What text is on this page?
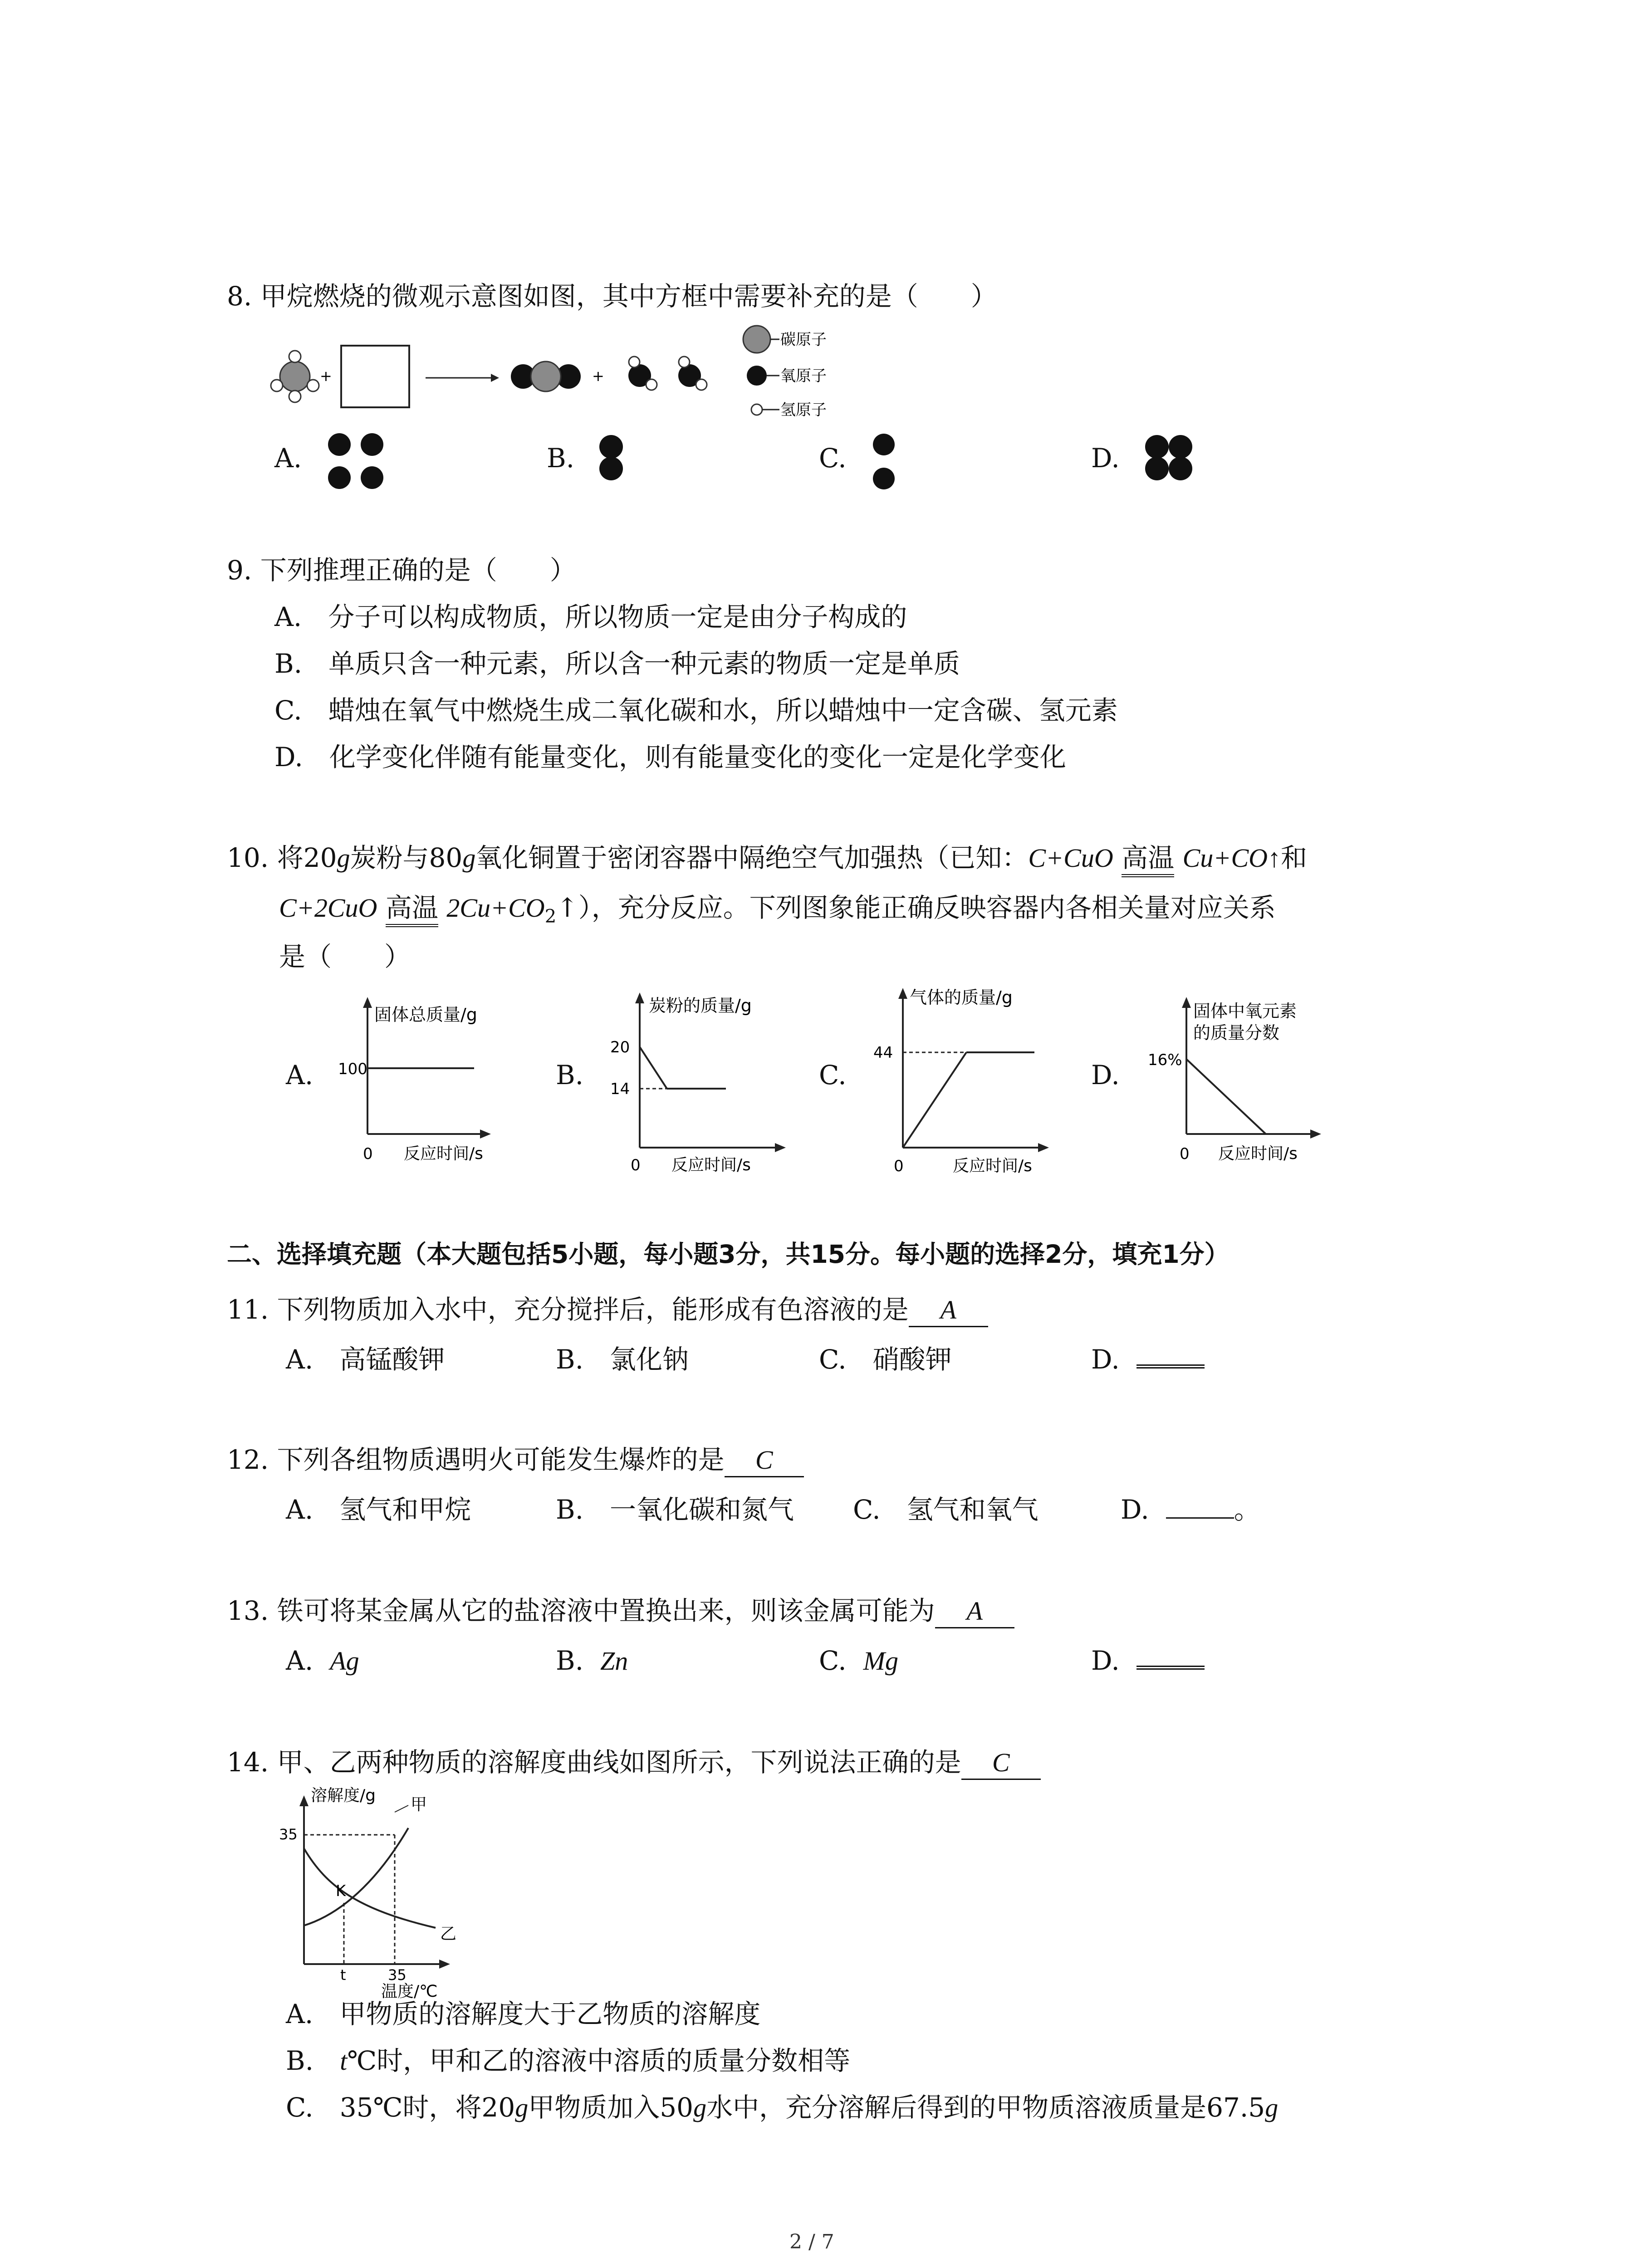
8. 甲烷燃烧的微观示意图如图，其中方框中需要补充的是（　　）
+	+
碳原子
氧原子
氢原子
A.	B.	C.	D.
9. 下列推理正确的是（　　）
A.　分子可以构成物质，所以物质一定是由分子构成的
B.　单质只含一种元素，所以含一种元素的物质一定是单质
C.　蜡烛在氧气中燃烧生成二氧化碳和水，所以蜡烛中一定含碳、氢元素
D.　化学变化伴随有能量变化，则有能量变化的变化一定是化学变化
10. 将20g炭粉与80g氧化铜置于密闭容器中隔绝空气加强热（已知：C+CuO 高温 Cu+CO↑和
C+2CuO 高温 $2Cu+CO_2↑$），充分反应。下列图象能正确反映容器内各相关量对应关系
是（　　）
A.
固体总质量/g
100
0 反应时间/s
B.
炭粉的质量/g
20
14
0 反应时间/s
C.
气体的质量/g
44
0	反应时间/s
D.
固体中氧元素
的质量分数
16%
0 反应时间/s
二、选择填充题（本大题包括5小题，每小题3分，共15分。每小题的选择2分，填充1分）
11. 下列物质加入水中，充分搅拌后，能形成有色溶液的是 A
A.　高锰酸钾	B.　氯化钠	C.　硝酸钾	D.
12. 下列各组物质遇明火可能发生爆炸的是 C
A.　氢气和甲烷	B.　一氧化碳和氮气 C.　氢气和氧气	D.	。
13. 铁可将某金属从它的盐溶液中置换出来，则该金属可能为 A
A. Ag	B. Zn	C. Mg	D.
14. 甲、乙两种物质的溶解度曲线如图所示，下列说法正确的是 C
溶解度/g
35
K
甲
乙
t	35
温度/℃
A.　甲物质的溶解度大于乙物质的溶解度
B.　t℃时，甲和乙的溶液中溶质的质量分数相等
C.　35℃时，将20g甲物质加入50g水中，充分溶解后得到的甲物质溶液质量是67.5g
2 / 7
